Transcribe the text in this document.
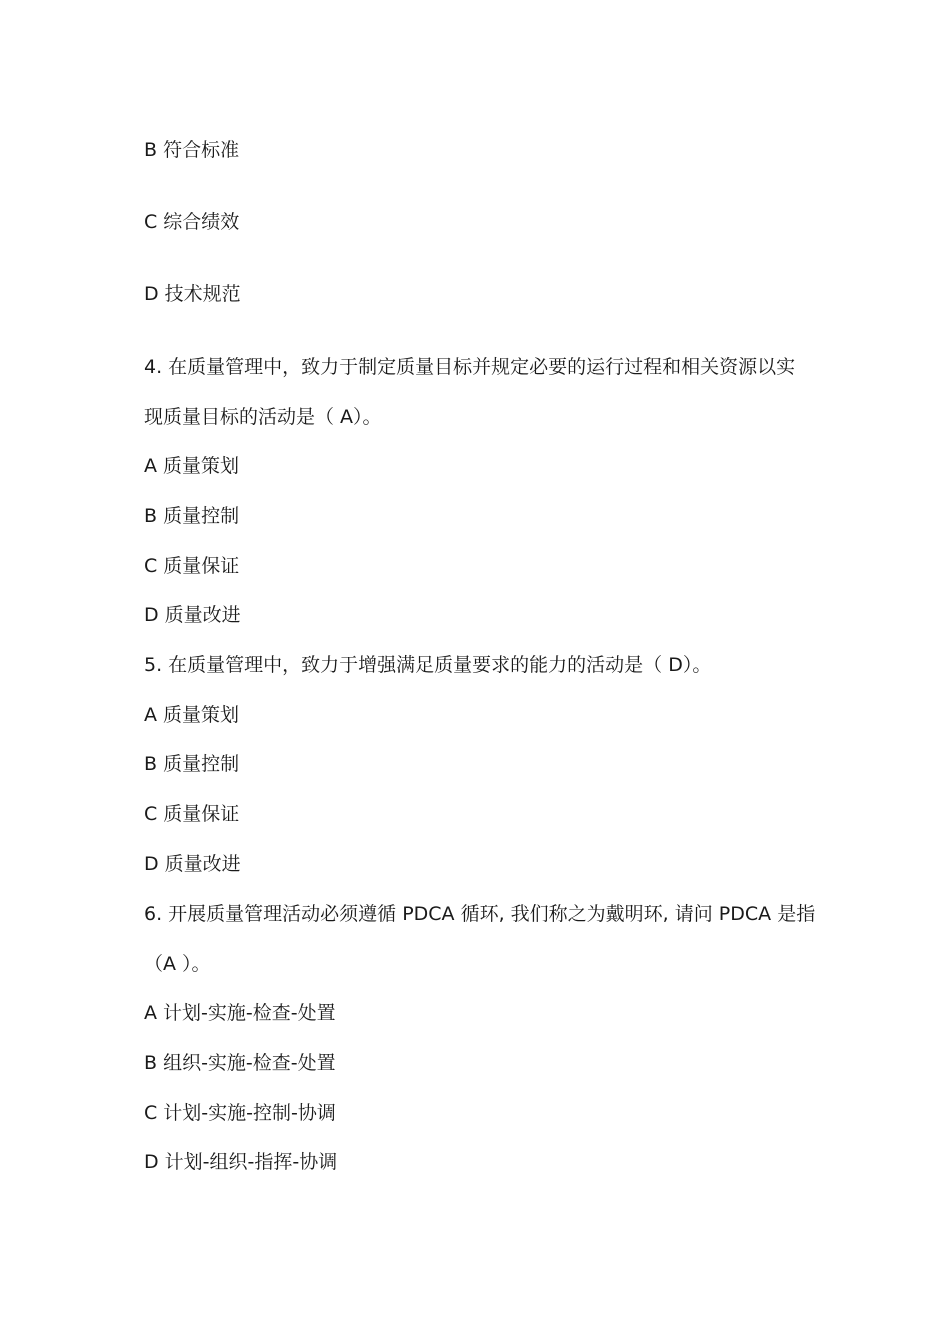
B 符合标准
C 综合绩效
D 技术规范
4. 在质量管理中，致力于制定质量目标并规定必要的运行过程和相关资源以实
现质量目标的活动是（ A）。
A 质量策划
B 质量控制
C 质量保证
D 质量改进
5. 在质量管理中，致力于增强满足质量要求的能力的活动是（ D）。
A 质量策划
B 质量控制
C 质量保证
D 质量改进
6. 开展质量管理活动必须遵循 PDCA 循环, 我们称之为戴明环, 请问 PDCA 是指
（A ）。
A 计划-实施-检查-处置
B 组织-实施-检查-处置
C 计划-实施-控制-协调
D 计划-组织-指挥-协调
